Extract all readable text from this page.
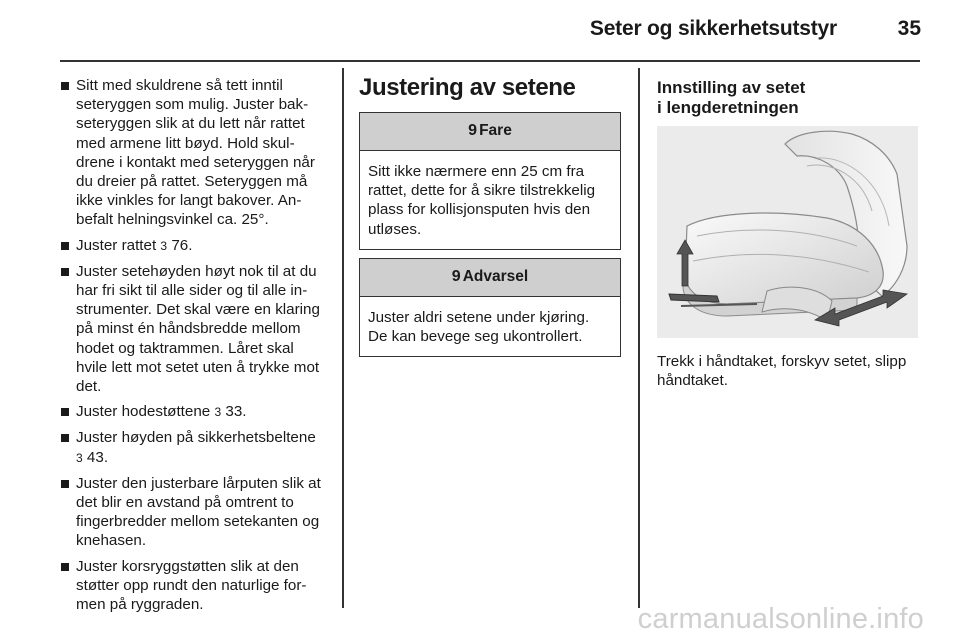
Seter og sikkerhetsutstyr	35
Sitt med skuldrene så tett inntil seteryggen som mulig. Juster bakseteryggen slik at du lett når rattet med armene litt bøyd. Hold skuldrene i kontakt med seteryggen når du dreier på rattet. Seteryggen må ikke vinkles for langt bakover. Anbefalt helningsvinkel ca. 25°.
Juster rattet 3 76.
Juster setehøyden høyt nok til at du har fri sikt til alle sider og til alle instrumenter. Det skal være en klaring på minst én håndsbredde mellom hodet og taktrammen. Låret skal hvile lett mot setet uten å trykke mot det.
Juster hodestøttene 3 33.
Juster høyden på sikkerhetsbeltene 3 43.
Juster den justerbare lårputen slik at det blir en avstand på omtrent to fingerbredder mellom setekanten og knehasen.
Juster korsryggstøtten slik at den støtter opp rundt den naturlige formen på ryggraden.
Justering av setene
9 Fare
Sitt ikke nærmere enn 25 cm fra rattet, dette for å sikre tilstrekkelig plass for kollisjonsputen hvis den utløses.
9 Advarsel
Juster aldri setene under kjøring. De kan bevege seg ukontrollert.
Innstilling av setet
i lengderetningen
Trekk i håndtaket, forskyv setet, slipp håndtaket.
carmanualsonline.info
